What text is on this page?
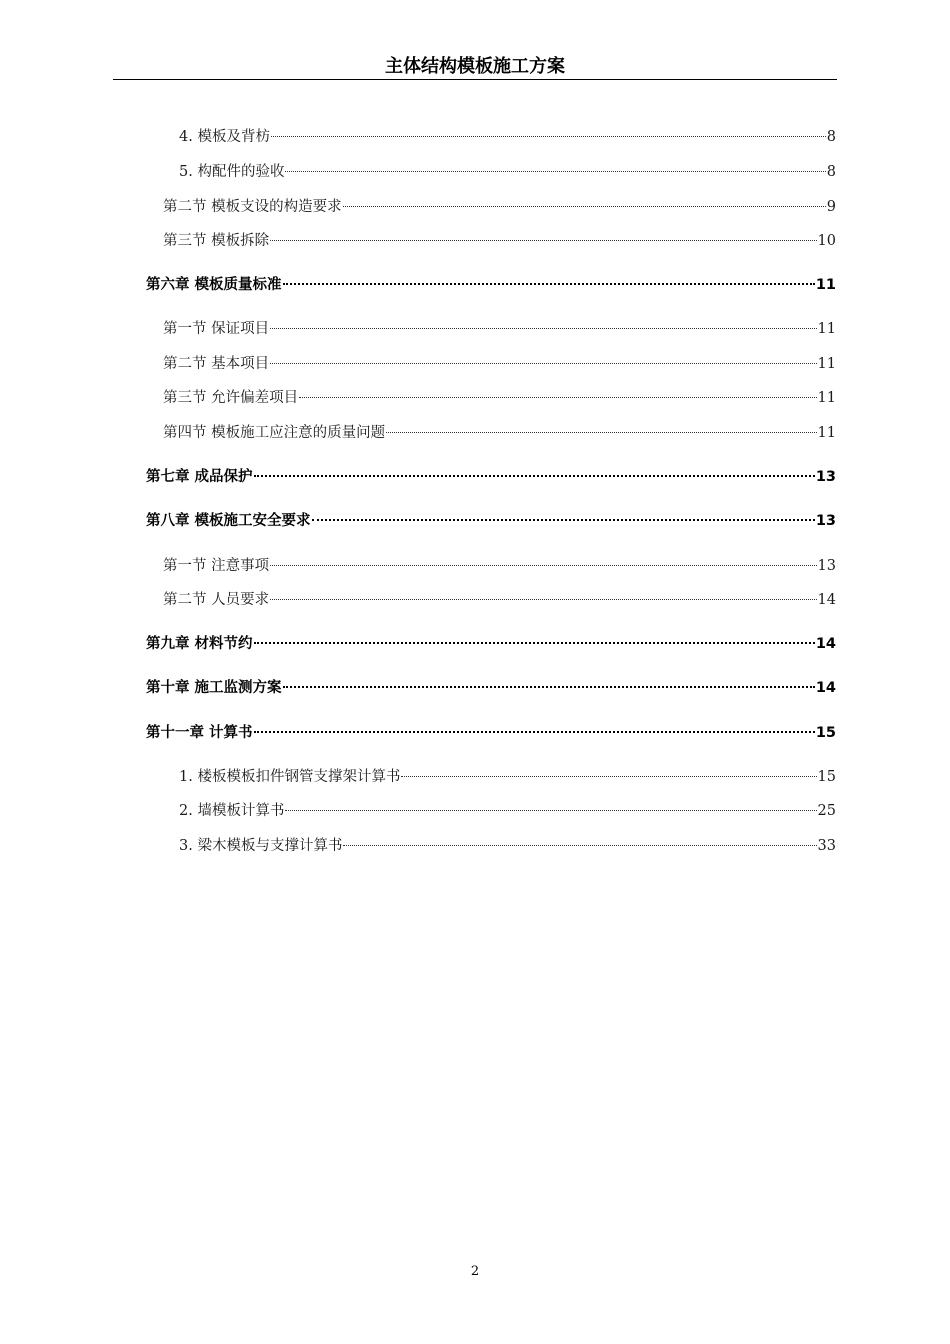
主体结构模板施工方案
4. 模板及背枋	8
5. 构配件的验收	8
第二节 模板支设的构造要求	9
第三节 模板拆除	10
第六章 模板质量标准	11
第一节 保证项目	11
第二节 基本项目	11
第三节 允许偏差项目	11
第四节 模板施工应注意的质量问题	11
第七章 成品保护	13
第八章 模板施工安全要求	13
第一节 注意事项	13
第二节 人员要求	14
第九章 材料节约	14
第十章 施工监测方案	14
第十一章 计算书	15
1. 楼板模板扣件钢管支撑架计算书	15
2. 墙模板计算书	25
3. 梁木模板与支撑计算书	33
2
